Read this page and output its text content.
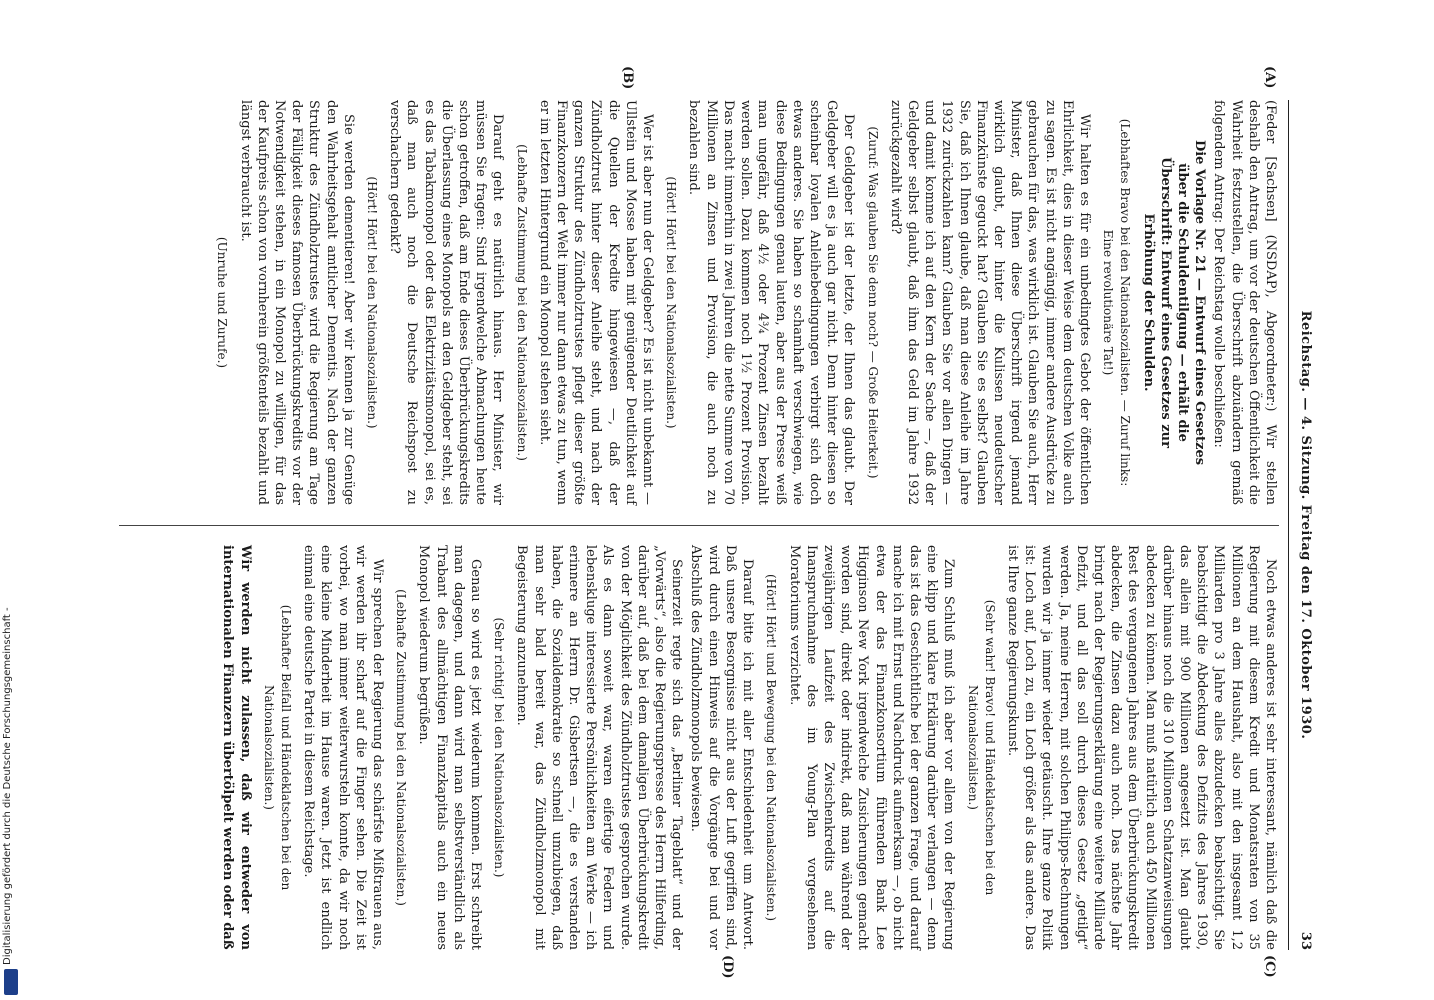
Reichstag. — 4. Sitzung. Freitag den 17. Oktober 1930.
33
(A)
(B)
(C)
(D)

(Feder [Sachsen] (NSDAP), Abgeordneter:) Wir stellen deshalb den Antrag, um vor der deutschen Öffentlichkeit die Wahrheit festzustellen, die Überschrift abzuändern gemäß folgendem Antrag: Der Reichstag wolle beschließen:

Die Vorlage Nr. 21 — Entwurf eines Gesetzes über die Schuldentilgung — erhält die Überschrift: Entwurf eines Gesetzes zur Erhöhung der Schulden.

(Lebhaftes Bravo bei den Nationalsozialisten. — Zuruf links: Eine revolutionäre Tat!)

Wir halten es für ein unbedingtes Gebot der öffentlichen Ehrlichkeit, dies in dieser Weise dem deutschen Volke auch zu sagen. Es ist nicht angängig, immer andere Ausdrücke zu gebrauchen für das, was wirklich ist. Glauben Sie auch, Herr Minister, daß Ihnen diese Überschrift irgend jemand wirklich glaubt, der hinter die Kulissen neudeutscher Finanzkünste geguckt hat? Glauben Sie es selbst? Glauben Sie, daß ich Ihnen glaube, daß man diese Anleihe im Jahre 1932 zurückzahlen kann? Glauben Sie vor allen Dingen — und damit komme ich auf den Kern der Sache —, daß der Geldgeber selbst glaubt, daß ihm das Geld im Jahre 1932 zurückgezahlt wird?

(Zuruf: Was glauben Sie denn noch? — Große Heiterkeit.)

Der Geldgeber ist der letzte, der Ihnen das glaubt. Der Geldgeber will es ja auch gar nicht. Denn hinter diesen so scheinbar loyalen Anleihebedingungen verbirgt sich doch etwas anderes. Sie haben so schamhaft verschwiegen, wie diese Bedingungen genau lauten, aber aus der Presse weiß man ungefähr, daß 4½ oder 4¾ Prozent Zinsen bezahlt werden sollen. Dazu kommen noch 1½ Prozent Provision. Das macht immerhin in zwei Jahren die nette Summe von 70 Millionen an Zinsen und Provision, die auch noch zu bezahlen sind.

(Hört! Hört! bei den Nationalsozialisten.)

Wer ist aber nun der Geldgeber? Es ist nicht unbekannt — Ullstein und Mosse haben mit genügender Deutlichkeit auf die Quellen der Kredite hingewiesen —, daß der Zündholztrust hinter dieser Anleihe steht, und nach der ganzen Struktur des Zündholztrustes pflegt dieser größte Finanzkonzern der Welt immer nur dann etwas zu tun, wenn er im letzten Hintergrund ein Monopol stehen sieht.

(Lebhafte Zustimmung bei den Nationalsozialisten.)

Darauf geht es natürlich hinaus. Herr Minister, wir müssen Sie fragen: Sind irgendwelche Abmachungen heute schon getroffen, daß am Ende dieses Überbrückungskredits die Überlassung eines Monopols an den Geldgeber steht, sei es das Tabakmonopol oder das Elektrizitätsmonopol, sei es, daß man auch noch die Deutsche Reichspost zu verschachern gedenkt?

(Hört! Hört! bei den Nationalsozialisten.)

Sie werden dementieren! Aber wir kennen ja zur Genüge den Wahrheitsgehalt amtlicher Dementis. Nach der ganzen Struktur des Zündholztrustes wird die Regierung am Tage der Fälligkeit dieses famosen Überbrückungskredits vor der Notwendigkeit stehen, in ein Monopol zu willigen, für das der Kaufpreis schon von vornherein größtenteils bezahlt und längst verbraucht ist.

(Unruhe und Zurufe.)

Noch etwas anderes ist sehr interessant, nämlich daß die Regierung mit diesem Kredit und Monatsraten von 35 Millionen an dem Haushalt, also mit den insgesamt 1,2 Milliarden pro 3 Jahre alles abzudecken beabsichtigt. Sie beabsichtigt die Abdeckung des Defizits des Jahres 1930, das allein mit 900 Millionen angesetzt ist. Man glaubt darüber hinaus noch die 310 Millionen Schatzanweisungen abdecken zu können. Man muß natürlich auch 450 Millionen Rest des vergangenen Jahres aus dem Überbrückungskredit abdecken, die Zinsen dazu auch noch. Das nächste Jahr bringt nach der Regierungserklärung eine weitere Milliarde Defizit, und all das soll durch dieses Gesetz „getilgt“ werden. Ja, meine Herren, mit solchen Philipps-Rechnungen wurden wir ja immer wieder getäuscht. Ihre ganze Politik ist: Loch auf, Loch zu, ein Loch größer als das andere. Das ist Ihre ganze Regierungskunst.

(Sehr wahr! Bravo! und Händeklatschen bei den Nationalsozialisten.)

Zum Schluß muß ich aber vor allem von der Regierung eine klipp und klare Erklärung darüber verlangen — denn das ist das Geschichtliche bei der ganzen Frage, und darauf mache ich mit Ernst und Nachdruck aufmerksam —, ob nicht etwa der das Finanzkonsortium führenden Bank Lee Higginson New York irgendwelche Zusicherungen gemacht worden sind, direkt oder indirekt, daß man während der zweijährigen Laufzeit des Zwischenkredits auf die Inanspruchnahme des im Young-Plan vorgesehenen Moratoriums verzichtet.

(Hört! Hört! und Bewegung bei den Nationalsozialisten.)

Darauf bitte ich mit aller Entschiedenheit um Antwort. Daß unsere Besorgnisse nicht aus der Luft gegriffen sind, wird durch einen Hinweis auf die Vorgänge bei und vor Abschluß des Zündholzmonopols bewiesen.

Seinerzeit regte sich das „Berliner Tageblatt“ und der „Vorwärts“, also die Regierungspresse des Herrn Hilferding, darüber auf, daß bei dem damaligen Überbrückungskredit von der Möglichkeit des Zündholztrustes gesprochen wurde. Als es dann soweit war, waren eifertige Federn und lebenskluge interessierte Persönlichkeiten am Werke — ich erinnere an Herrn Dr. Gisbertsen —, die es verstanden haben, die Sozialdemokratie so schnell umzubiegen, daß man sehr bald bereit war, das Zündholzmonopol mit Begeisterung anzunehmen.

(Sehr richtig! bei den Nationalsozialisten.)

Genau so wird es jetzt wiederum kommen. Erst schreibt man dagegen, und dann wird man selbstverständlich als Trabant des allmächtigen Finanzkapitals auch ein neues Monopol wiederum begrüßen.

(Lebhafte Zustimmung bei den Nationalsozialisten.)

Wir sprechen der Regierung das schärfste Mißtrauen aus, wir werden ihr scharf auf die Finger sehen. Die Zeit ist vorbei, wo man immer weiterwursteln konnte, da wir noch eine kleine Minderheit im Hause waren. Jetzt ist endlich einmal eine deutsche Partei in diesem Reichstage.

(Lebhafter Beifall und Händeklatschen bei den Nationalsozialisten.)

Wir werden nicht zulassen, daß wir entweder von internationalen Finanzern übertölpelt werden oder daß

Digitalisierung gefördert durch die Deutsche Forschungsgemeinschaft -
